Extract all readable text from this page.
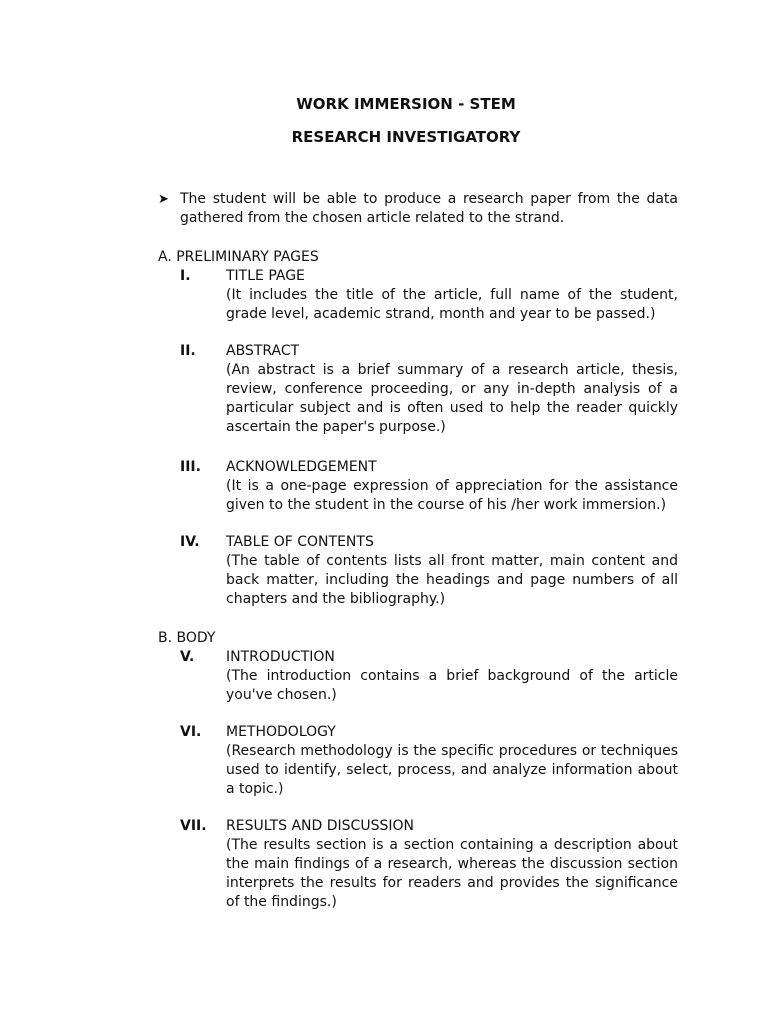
WORK IMMERSION - STEM
RESEARCH INVESTIGATORY
➤ The student will be able to produce a research paper from the data gathered from the chosen article related to the strand.
A. PRELIMINARY PAGES
I.	TITLE PAGE
(It includes the title of the article, full name of the student, grade level, academic strand, month and year to be passed.)
II. ABSTRACT
(An abstract is a brief summary of a research article, thesis, review, conference proceeding, or any in-depth analysis of a particular subject and is often used to help the reader quickly ascertain the paper's purpose.)
III. ACKNOWLEDGEMENT
(It is a one-page expression of appreciation for the assistance given to the student in the course of his /her work immersion.)
IV. TABLE OF CONTENTS
(The table of contents lists all front matter, main content and back matter, including the headings and page numbers of all chapters and the bibliography.)
B. BODY
V. INTRODUCTION
(The introduction contains a brief background of the article you've chosen.)
VI. METHODOLOGY
(Research methodology is the specific procedures or techniques used to identify, select, process, and analyze information about a topic.)
VII. RESULTS AND DISCUSSION
(The results section is a section containing a description about the main findings of a research, whereas the discussion section interprets the results for readers and provides the significance of the findings.)
